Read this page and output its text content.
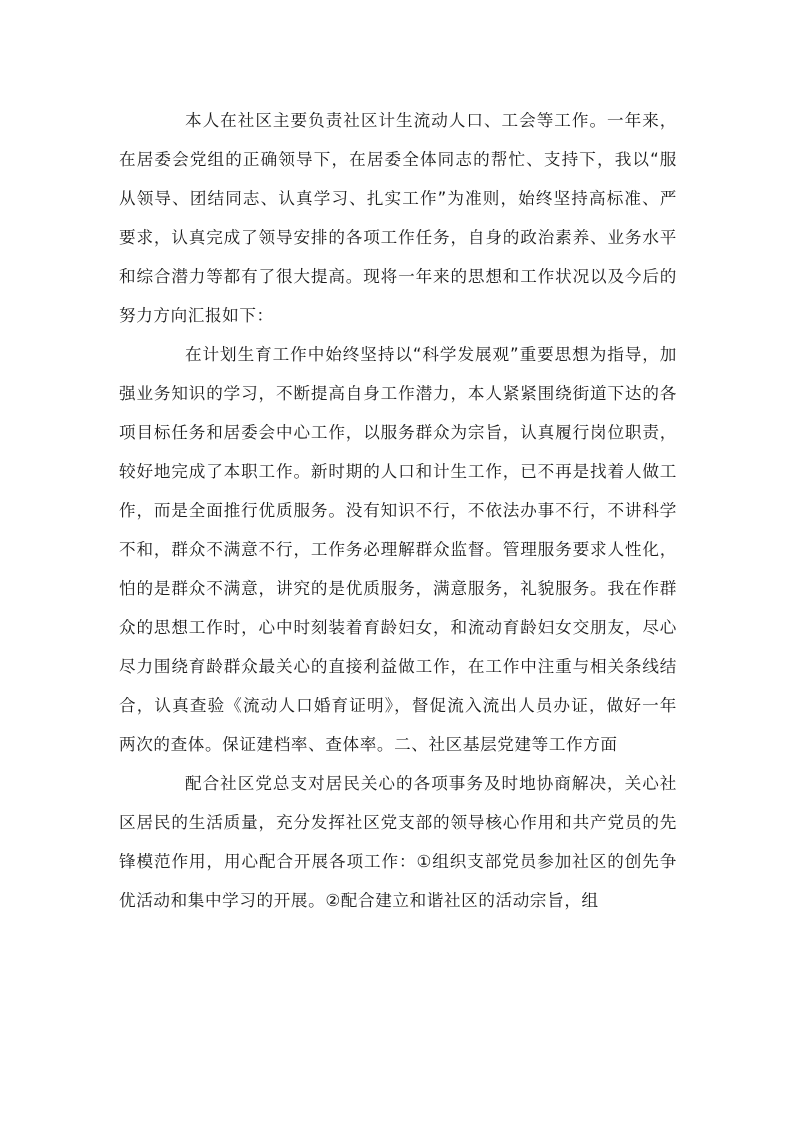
本人在社区主要负责社区计生流动人口、工会等工作。一年来，在居委会党组的正确领导下，在居委全体同志的帮忙、支持下，我以“服从领导、团结同志、认真学习、扎实工作”为准则，始终坚持高标准、严要求，认真完成了领导安排的各项工作任务，自身的政治素养、业务水平和综合潜力等都有了很大提高。现将一年来的思想和工作状况以及今后的努力方向汇报如下：

在计划生育工作中始终坚持以“科学发展观”重要思想为指导，加强业务知识的学习，不断提高自身工作潜力，本人紧紧围绕街道下达的各项目标任务和居委会中心工作，以服务群众为宗旨，认真履行岗位职责，较好地完成了本职工作。新时期的人口和计生工作，已不再是找着人做工作，而是全面推行优质服务。没有知识不行，不依法办事不行，不讲科学不和，群众不满意不行，工作务必理解群众监督。管理服务要求人性化，怕的是群众不满意，讲究的是优质服务，满意服务，礼貌服务。我在作群众的思想工作时，心中时刻装着育龄妇女，和流动育龄妇女交朋友，尽心尽力围绕育龄群众最关心的直接利益做工作，在工作中注重与相关条线结合，认真查验《流动人口婚育证明》，督促流入流出人员办证，做好一年两次的查体。保证建档率、查体率。二、社区基层党建等工作方面

配合社区党总支对居民关心的各项事务及时地协商解决，关心社区居民的生活质量，充分发挥社区党支部的领导核心作用和共产党员的先锋模范作用，用心配合开展各项工作：①组织支部党员参加社区的创先争优活动和集中学习的开展。②配合建立和谐社区的活动宗旨，组
